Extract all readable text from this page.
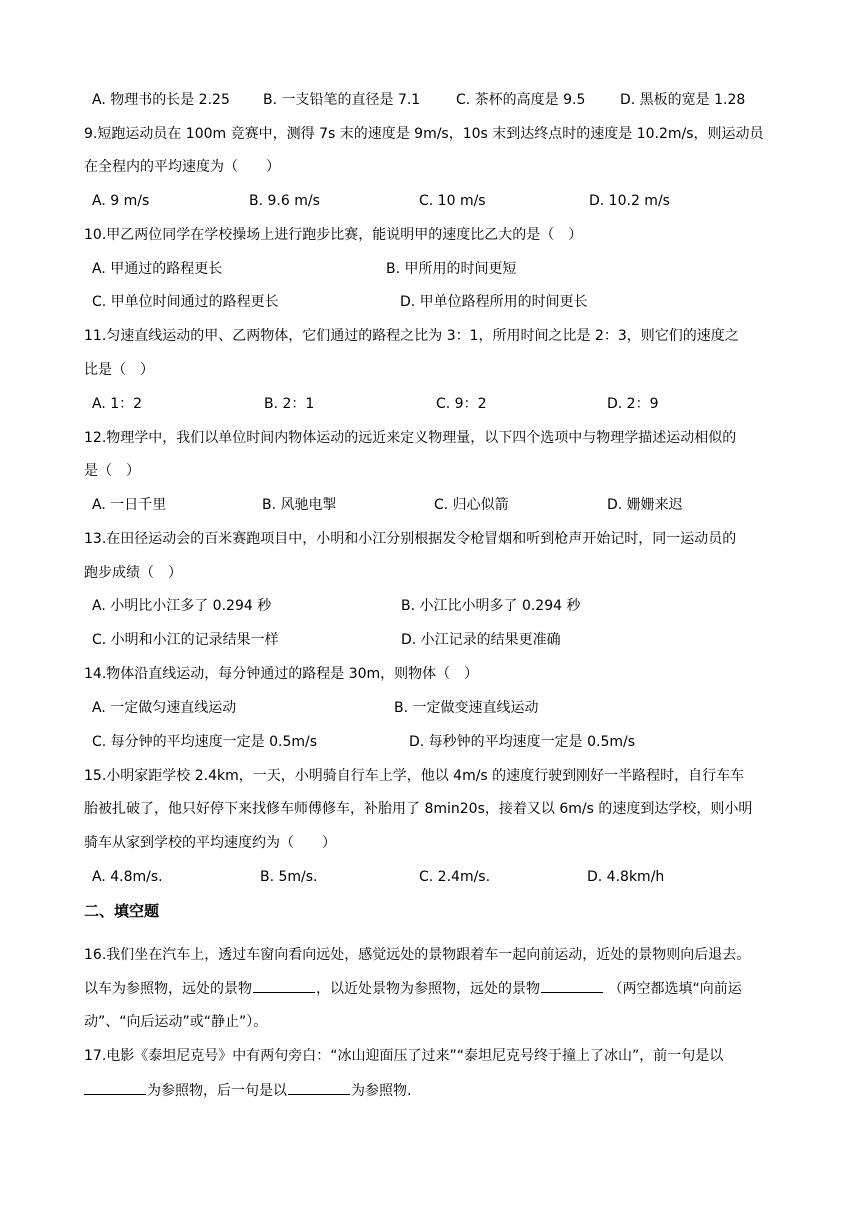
A. 物理书的长是 2.25 B. 一支铅笔的直径是 7.1	C. 茶杯的高度是 9.5 D. 黑板的宽是 1.28
9.短跑运动员在 100m 竞赛中，测得 7s 末的速度是 9m/s，10s 末到达终点时的速度是 10.2m/s，则运动员
在全程内的平均速度为（　　）
A. 9 m/s	B. 9.6 m/s	C. 10 m/s	D. 10.2 m/s
10.甲乙两位同学在学校操场上进行跑步比赛，能说明甲的速度比乙大的是（　）
A. 甲通过的路程更长	B. 甲所用的时间更短
C. 甲单位时间通过的路程更长	D. 甲单位路程所用的时间更长
11.匀速直线运动的甲、乙两物体，它们通过的路程之比为 3：1，所用时间之比是 2：3，则它们的速度之
比是（　）
A. 1：2	B. 2：1	C. 9：2	D. 2：9
12.物理学中，我们以单位时间内物体运动的远近来定义物理量，以下四个选项中与物理学描述运动相似的
是（　）
A. 一日千里	B. 风驰电掣	C. 归心似箭	D. 姗姗来迟
13.在田径运动会的百米赛跑项目中，小明和小江分别根据发令枪冒烟和听到枪声开始记时，同一运动员的
跑步成绩（　）
A. 小明比小江多了 0.294 秒	B. 小江比小明多了 0.294 秒
C. 小明和小江的记录结果一样	D. 小江记录的结果更准确
14.物体沿直线运动，每分钟通过的路程是 30m，则物体（　）
A. 一定做匀速直线运动	B. 一定做变速直线运动
C. 每分钟的平均速度一定是 0.5m/s	D. 每秒钟的平均速度一定是 0.5m/s
15.小明家距学校 2.4km，一天，小明骑自行车上学，他以 4m/s 的速度行驶到刚好一半路程时，自行车车
胎被扎破了，他只好停下来找修车师傅修车，补胎用了 8min20s，接着又以 6m/s 的速度到达学校，则小明
骑车从家到学校的平均速度约为（　　）
A. 4.8m/s.	B. 5m/s.	C. 2.4m/s.	D. 4.8km/h
二、填空题
16.我们坐在汽车上，透过车窗向看向远处，感觉远处的景物跟着车一起向前运动，近处的景物则向后退去。
以车为参照物，远处的景物	，以近处景物为参照物，远处的景物	（两空都选填“向前运
动”、“向后运动”或“静止”）。
17.电影《泰坦尼克号》中有两句旁白：“冰山迎面压了过来”“泰坦尼克号终于撞上了冰山”，前一句是以
为参照物，后一句是以	为参照物.
